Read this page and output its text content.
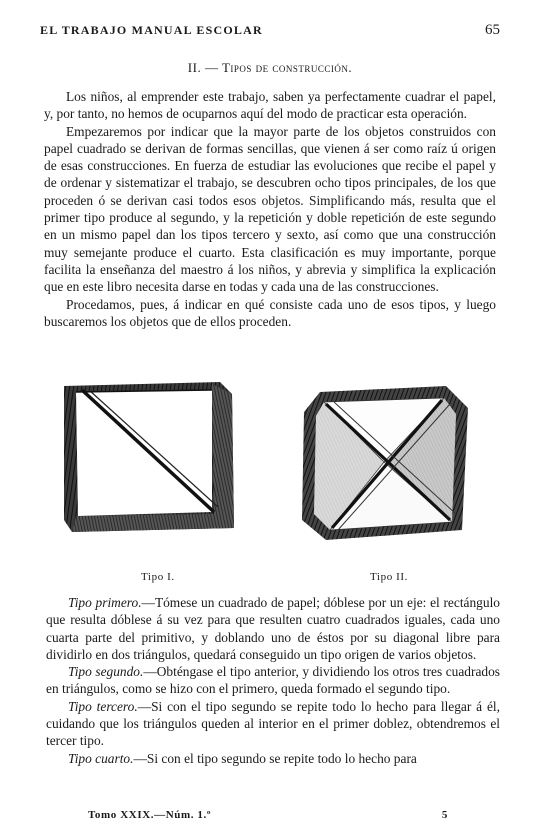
EL TRABAJO MANUAL ESCOLAR	65
II. — Tipos de construcción.

Los niños, al emprender este trabajo, saben ya perfectamente cuadrar el papel, y, por tanto, no hemos de ocuparnos aquí del modo de practicar esta operación.

Empezaremos por indicar que la mayor parte de los objetos construidos con papel cuadrado se derivan de formas sencillas, que vienen á ser como raíz ú origen de esas construcciones. En fuerza de estudiar las evoluciones que recibe el papel y de ordenar y sistematizar el trabajo, se descubren ocho tipos principales, de los que proceden ó se derivan casi todos esos objetos. Simplificando más, resulta que el primer tipo produce al segundo, y la repetición y doble repetición de este segundo en un mismo papel dan los tipos tercero y sexto, así como que una construcción muy semejante produce el cuarto. Esta clasificación es muy importante, porque facilita la enseñanza del maestro á los niños, y abrevia y simplifica la explicación que en este libro necesita darse en todas y cada una de las construcciones.

Procedamos, pues, á indicar en qué consiste cada uno de esos tipos, y luego buscaremos los objetos que de ellos proceden.

Tipo I.	Tipo II.

Tipo primero.—Tómese un cuadrado de papel; dóblese por un eje: el rectángulo que resulta dóblese á su vez para que resulten cuatro cuadrados iguales, cada uno cuarta parte del primitivo, y doblando uno de éstos por su diagonal libre para dividirlo en dos triángulos, quedará conseguido un tipo origen de varios objetos.

Tipo segundo.—Obténgase el tipo anterior, y dividiendo los otros tres cuadrados en triángulos, como se hizo con el primero, queda formado el segundo tipo.

Tipo tercero.—Si con el tipo segundo se repite todo lo hecho para llegar á él, cuidando que los triángulos queden al interior en el primer doblez, obtendremos el tercer tipo.

Tipo cuarto.—Si con el tipo segundo se repite todo lo hecho para

Tomo XXIX.—Núm. 1.º	5
